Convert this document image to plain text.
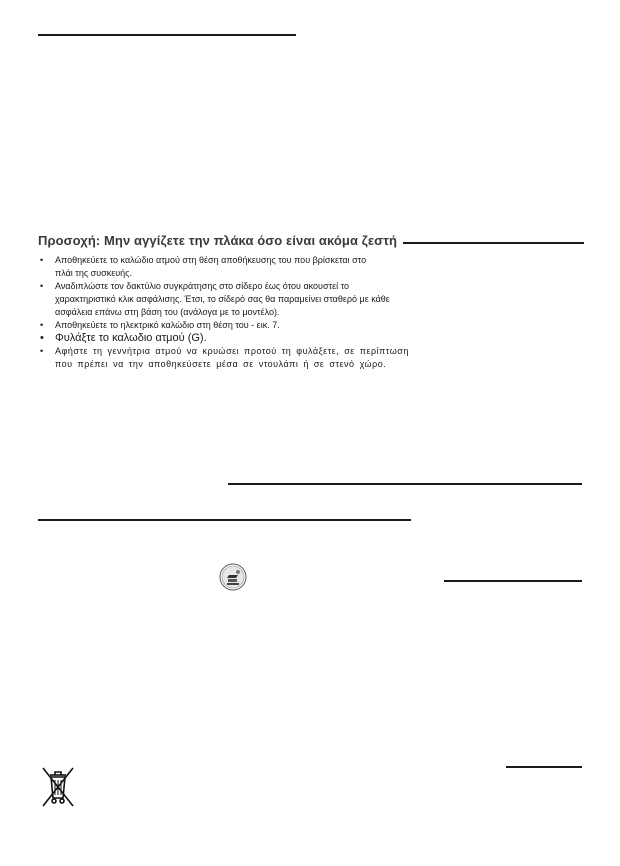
Προσοχή: Μην αγγίζετε την πλάκα όσο είναι ακόμα ζεστή
• Αποθηκεύετε το καλώδιο ατμού στη θέση αποθήκευσης του που βρίσκεται στο
πλάι της συσκευής.
• Αναδιπλώστε τον δακτύλιο συγκράτησης στο σίδερο έως ότου ακουστεί το
χαρακτηριστικό κλικ ασφάλισης. Έτσι, το σίδερό σας θα παραμείνει σταθερό με κάθε
ασφάλεια επάνω στη βάση του (ανάλογα με το μοντέλο).
• Αποθηκεύετε το ηλεκτρικό καλώδιο στη θέση του - εικ. 7.
• Φυλάξτε το καλωδιο ατμού (G).
• Αφήστε τη γεννήτρια ατμού να κρυώσει προτού τη φυλάξετε, σε περίπτωση
που πρέπει να την αποθηκεύσετε μέσα σε ντουλάπι ή σε στενό χώρο.
